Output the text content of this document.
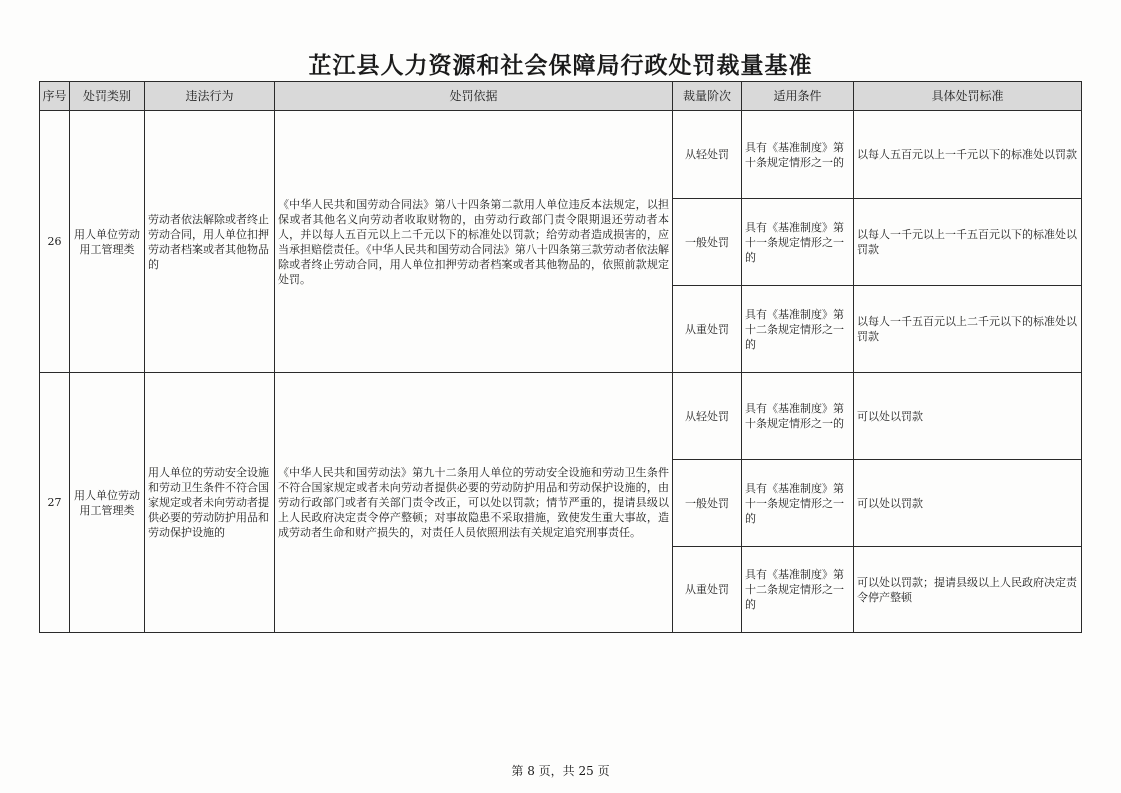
芷江县人力资源和社会保障局行政处罚裁量基准
序号	处罚类别	违法行为	处罚依据	裁量阶次	适用条件	具体处罚标准
26	用人单位劳动用工管理类	劳动者依法解除或者终止劳动合同，用人单位扣押劳动者档案或者其他物品的	《中华人民共和国劳动合同法》第八十四条第二款用人单位违反本法规定，以担保或者其他名义向劳动者收取财物的，由劳动行政部门责令限期退还劳动者本人，并以每人五百元以上二千元以下的标准处以罚款；给劳动者造成损害的，应当承担赔偿责任。《中华人民共和国劳动合同法》第八十四条第三款劳动者依法解除或者终止劳动合同，用人单位扣押劳动者档案或者其他物品的，依照前款规定处罚。	从轻处罚	具有《基准制度》第十条规定情形之一的	以每人五百元以上一千元以下的标准处以罚款
				一般处罚	具有《基准制度》第十一条规定情形之一的	以每人一千元以上一千五百元以下的标准处以罚款
				从重处罚	具有《基准制度》第十二条规定情形之一的	以每人一千五百元以上二千元以下的标准处以罚款
27	用人单位劳动用工管理类	用人单位的劳动安全设施和劳动卫生条件不符合国家规定或者未向劳动者提供必要的劳动防护用品和劳动保护设施的	《中华人民共和国劳动法》第九十二条用人单位的劳动安全设施和劳动卫生条件不符合国家规定或者未向劳动者提供必要的劳动防护用品和劳动保护设施的，由劳动行政部门或者有关部门责令改正，可以处以罚款；情节严重的，提请县级以上人民政府决定责令停产整顿；对事故隐患不采取措施，致使发生重大事故，造成劳动者生命和财产损失的，对责任人员依照刑法有关规定追究刑事责任。	从轻处罚	具有《基准制度》第十条规定情形之一的	可以处以罚款
				一般处罚	具有《基准制度》第十一条规定情形之一的	可以处以罚款
				从重处罚	具有《基准制度》第十二条规定情形之一的	可以处以罚款；提请县级以上人民政府决定责令停产整顿
第 8 页，共 25 页
